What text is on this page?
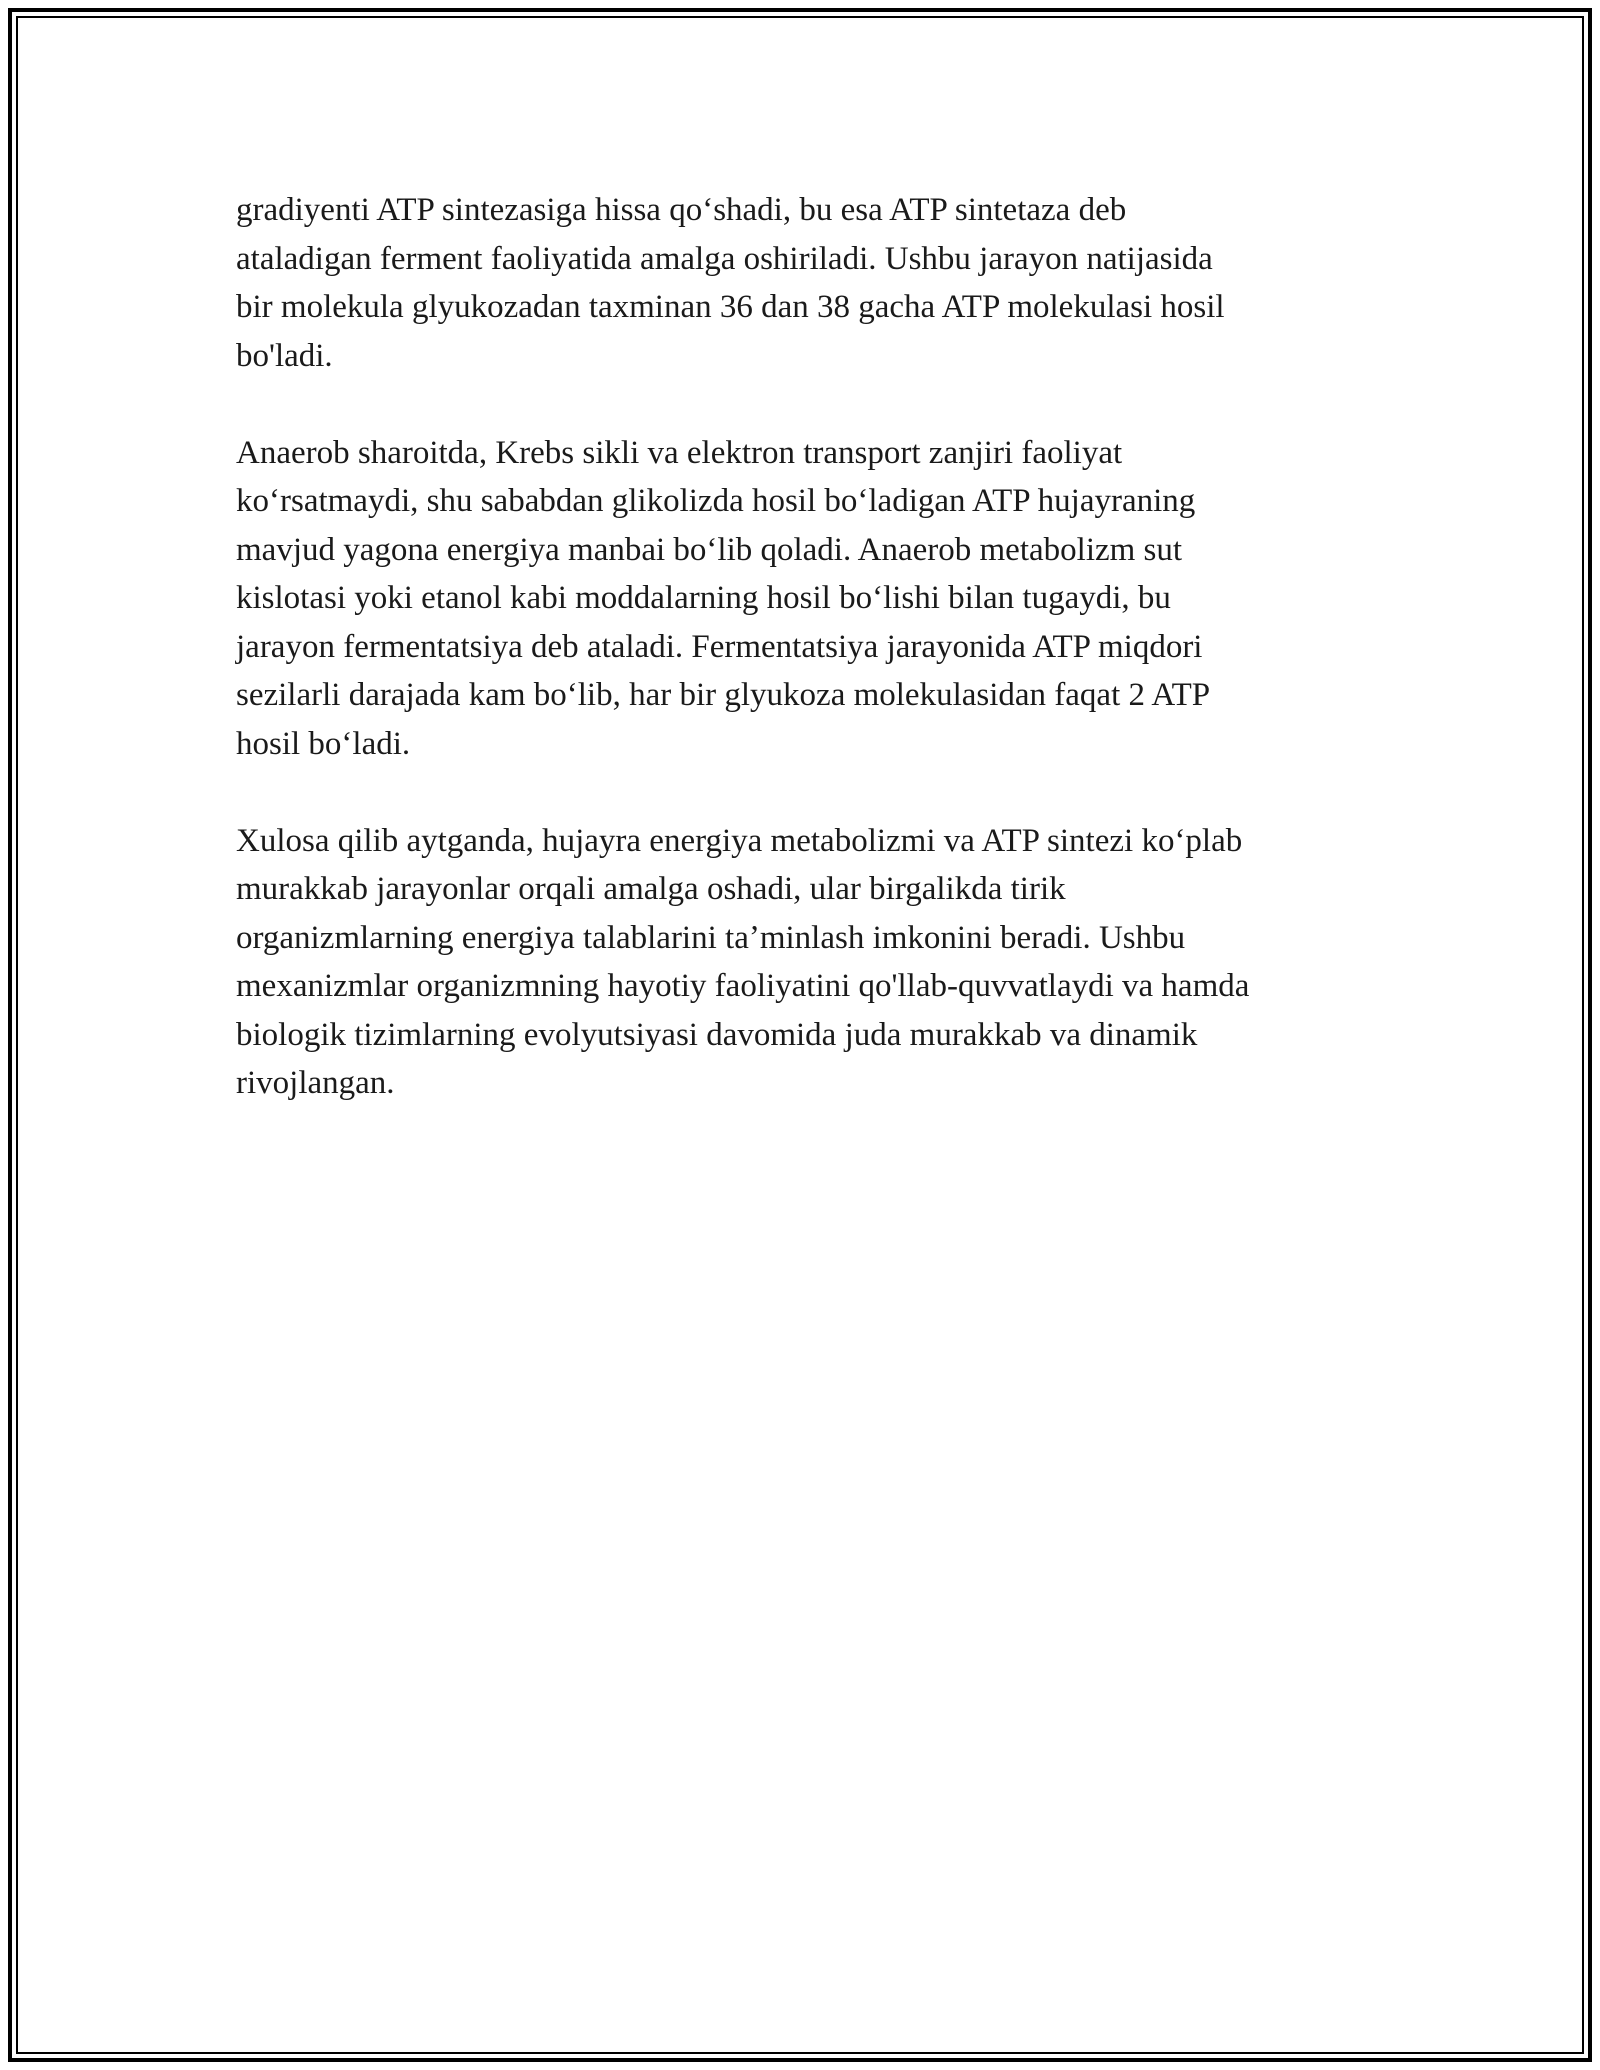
gradiyenti ATP sintezasiga hissa qoʻshadi, bu esa ATP sintetaza deb
ataladigan ferment faoliyatida amalga oshiriladi. Ushbu jarayon natijasida
bir molekula glyukozadan taxminan 36 dan 38 gacha ATP molekulasi hosil
bo'ladi.

Anaerob sharoitda, Krebs sikli va elektron transport zanjiri faoliyat
koʻrsatmaydi, shu sababdan glikolizda hosil boʻladigan ATP hujayraning
mavjud yagona energiya manbai boʻlib qoladi. Anaerob metabolizm sut
kislotasi yoki etanol kabi moddalarning hosil boʻlishi bilan tugaydi, bu
jarayon fermentatsiya deb ataladi. Fermentatsiya jarayonida ATP miqdori
sezilarli darajada kam boʻlib, har bir glyukoza molekulasidan faqat 2 ATP
hosil boʻladi.

Xulosa qilib aytganda, hujayra energiya metabolizmi va ATP sintezi koʻplab
murakkab jarayonlar orqali amalga oshadi, ular birgalikda tirik
organizmlarning energiya talablarini taʼminlash imkonini beradi. Ushbu
mexanizmlar organizmning hayotiy faoliyatini qo'llab-quvvatlaydi va hamda
biologik tizimlarning evolyutsiyasi davomida juda murakkab va dinamik
rivojlangan.
